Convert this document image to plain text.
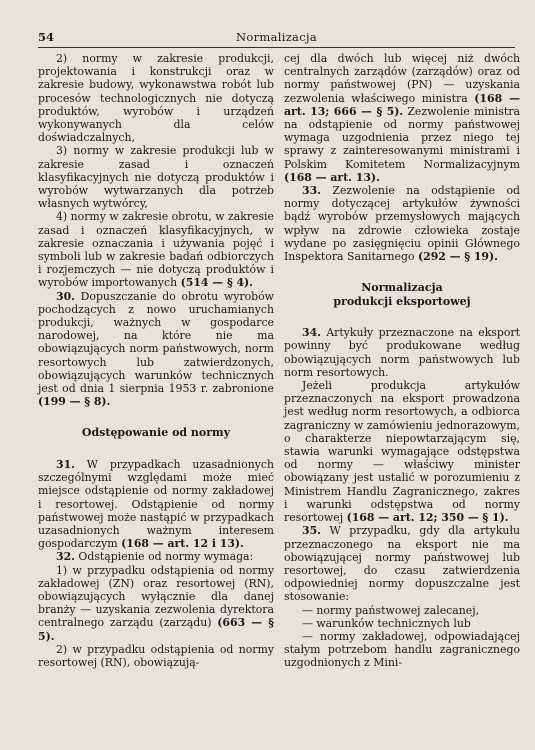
54	Normalizacja

2) normy w zakresie produkcji, projektowania i konstrukcji oraz w zakresie budowy, wykonawstwa robót lub procesów technologicznych nie dotyczą produktów, wyrobów i urządzeń wykonywanych dla celów doświadczalnych,

3) normy w zakresie produkcji lub w zakresie zasad i oznaczeń klasyfikacyjnych nie dotyczą produktów i wyrobów wytwarzanych dla potrzeb własnych wytwórcy,

4) normy w zakresie obrotu, w zakresie zasad i oznaczeń klasyfikacyjnych, w zakresie oznaczania i używania pojęć i symboli lub w zakresie badań odbiorczych i rozjemczych — nie dotyczą produktów i wyrobów importowanych (514 — § 4).

30. Dopuszczanie do obrotu wyrobów pochodzących z nowo uruchamianych produkcji, ważnych w gospodarce narodowej, na które nie ma obowiązujących norm państwowych, norm resortowych lub zatwierdzonych, obowiązujących warunków technicznych jest od dnia 1 sierpnia 1953 r. zabronione (199 — § 8).

Odstępowanie od normy

31. W przypadkach uzasadnionych szczególnymi względami może mieć miejsce odstąpienie od normy zakładowej i resortowej. Odstąpienie od normy państwowej może nastąpić w przypadkach uzasadnionych ważnym interesem gospodarczym (168 — art. 12 i 13).

32. Odstąpienie od normy wymaga:

1) w przypadku odstąpienia od normy zakładowej (ZN) oraz resortowej (RN), obowiązujących wyłącznie dla danej branży — uzyskania zezwolenia dyrektora centralnego zarządu (zarządu) (663 — § 5).

2) w przypadku odstąpienia od normy resortowej (RN), obowiązują-

cej dla dwóch lub więcej niż dwóch centralnych zarządów (zarządów) oraz od normy państwowej (PN) — uzyskania zezwolenia właściwego ministra (168 — art. 13; 666 — § 5). Zezwolenie ministra na odstąpienie od normy państwowej wymaga uzgodnienia przez niego tej sprawy z zainteresowanymi ministrami i Polskim Komitetem Normalizacyjnym (168 — art. 13).

33. Zezwolenie na odstąpienie od normy dotyczącej artykułów żywności bądź wyrobów przemysłowych mających wpływ na zdrowie człowieka zostaje wydane po zasięgnięciu opinii Głównego Inspektora Sanitarnego (292 — § 19).

Normalizacja
produkcji eksportowej

34. Artykuły przeznaczone na eksport powinny być produkowane według obowiązujących norm państwowych lub norm resortowych.

Jeżeli produkcja artykułów przeznaczonych na eksport prowadzona jest według norm resortowych, a odbiorca zagraniczny w zamówieniu jednorazowym, o charakterze niepowtarzającym się, stawia warunki wymagające odstępstwa od normy — właściwy minister obowiązany jest ustalić w porozumieniu z Ministrem Handlu Zagranicznego, zakres i warunki odstępstwa od normy resortowej (168 — art. 12; 350 — § 1).

35. W przypadku, gdy dla artykułu przeznaczonego na eksport nie ma obowiązującej normy państwowej lub resortowej, do czasu zatwierdzenia odpowiedniej normy dopuszczalne jest stosowanie:

— normy państwowej zalecanej,

— warunków technicznych lub

— normy zakładowej, odpowiadającej stałym potrzebom handlu zagranicznego uzgodnionych z Mini-
